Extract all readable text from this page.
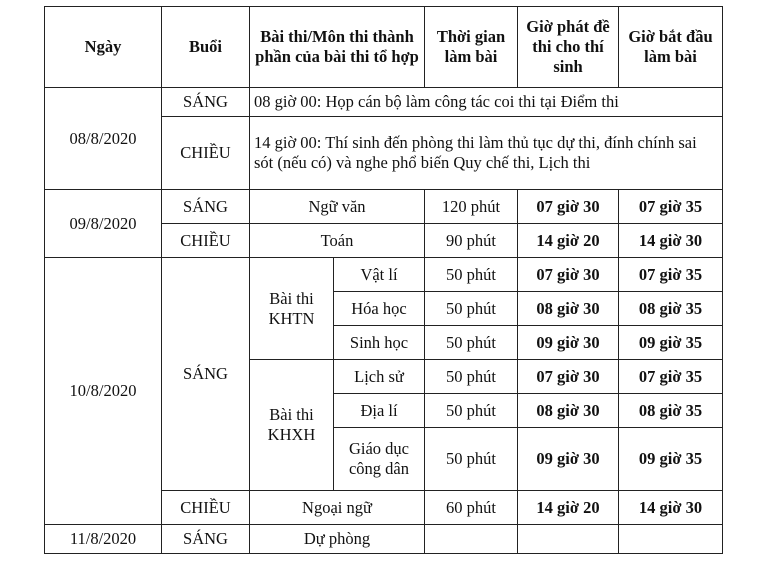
Ngày	Buổi	Bài thi/Môn thi thành phần của bài thi tổ hợp		Thời gian làm bài	Giờ phát đề thi cho thí sinh	Giờ bắt đầu làm bài
08/8/2020	SÁNG	08 giờ 00: Họp cán bộ làm công tác coi thi tại Điểm thi				
	CHIỀU	14 giờ 00: Thí sinh đến phòng thi làm thủ tục dự thi, đính chính sai sót (nếu có) và nghe phổ biến Quy chế thi, Lịch thi				
09/8/2020	SÁNG	Ngữ văn		120 phút	07 giờ 30	07 giờ 35
	CHIỀU	Toán		90 phút	14 giờ 20	14 giờ 30
10/8/2020	SÁNG	Bài thi KHTN	Vật lí	50 phút	07 giờ 30	07 giờ 35
			Hóa học	50 phút	08 giờ 30	08 giờ 35
			Sinh học	50 phút	09 giờ 30	09 giờ 35
		Bài thi KHXH	Lịch sử	50 phút	07 giờ 30	07 giờ 35
			Địa lí	50 phút	08 giờ 30	08 giờ 35
			Giáo dục công dân	50 phút	09 giờ 30	09 giờ 35
	CHIỀU	Ngoại ngữ		60 phút	14 giờ 20	14 giờ 30
11/8/2020	SÁNG	Dự phòng				
